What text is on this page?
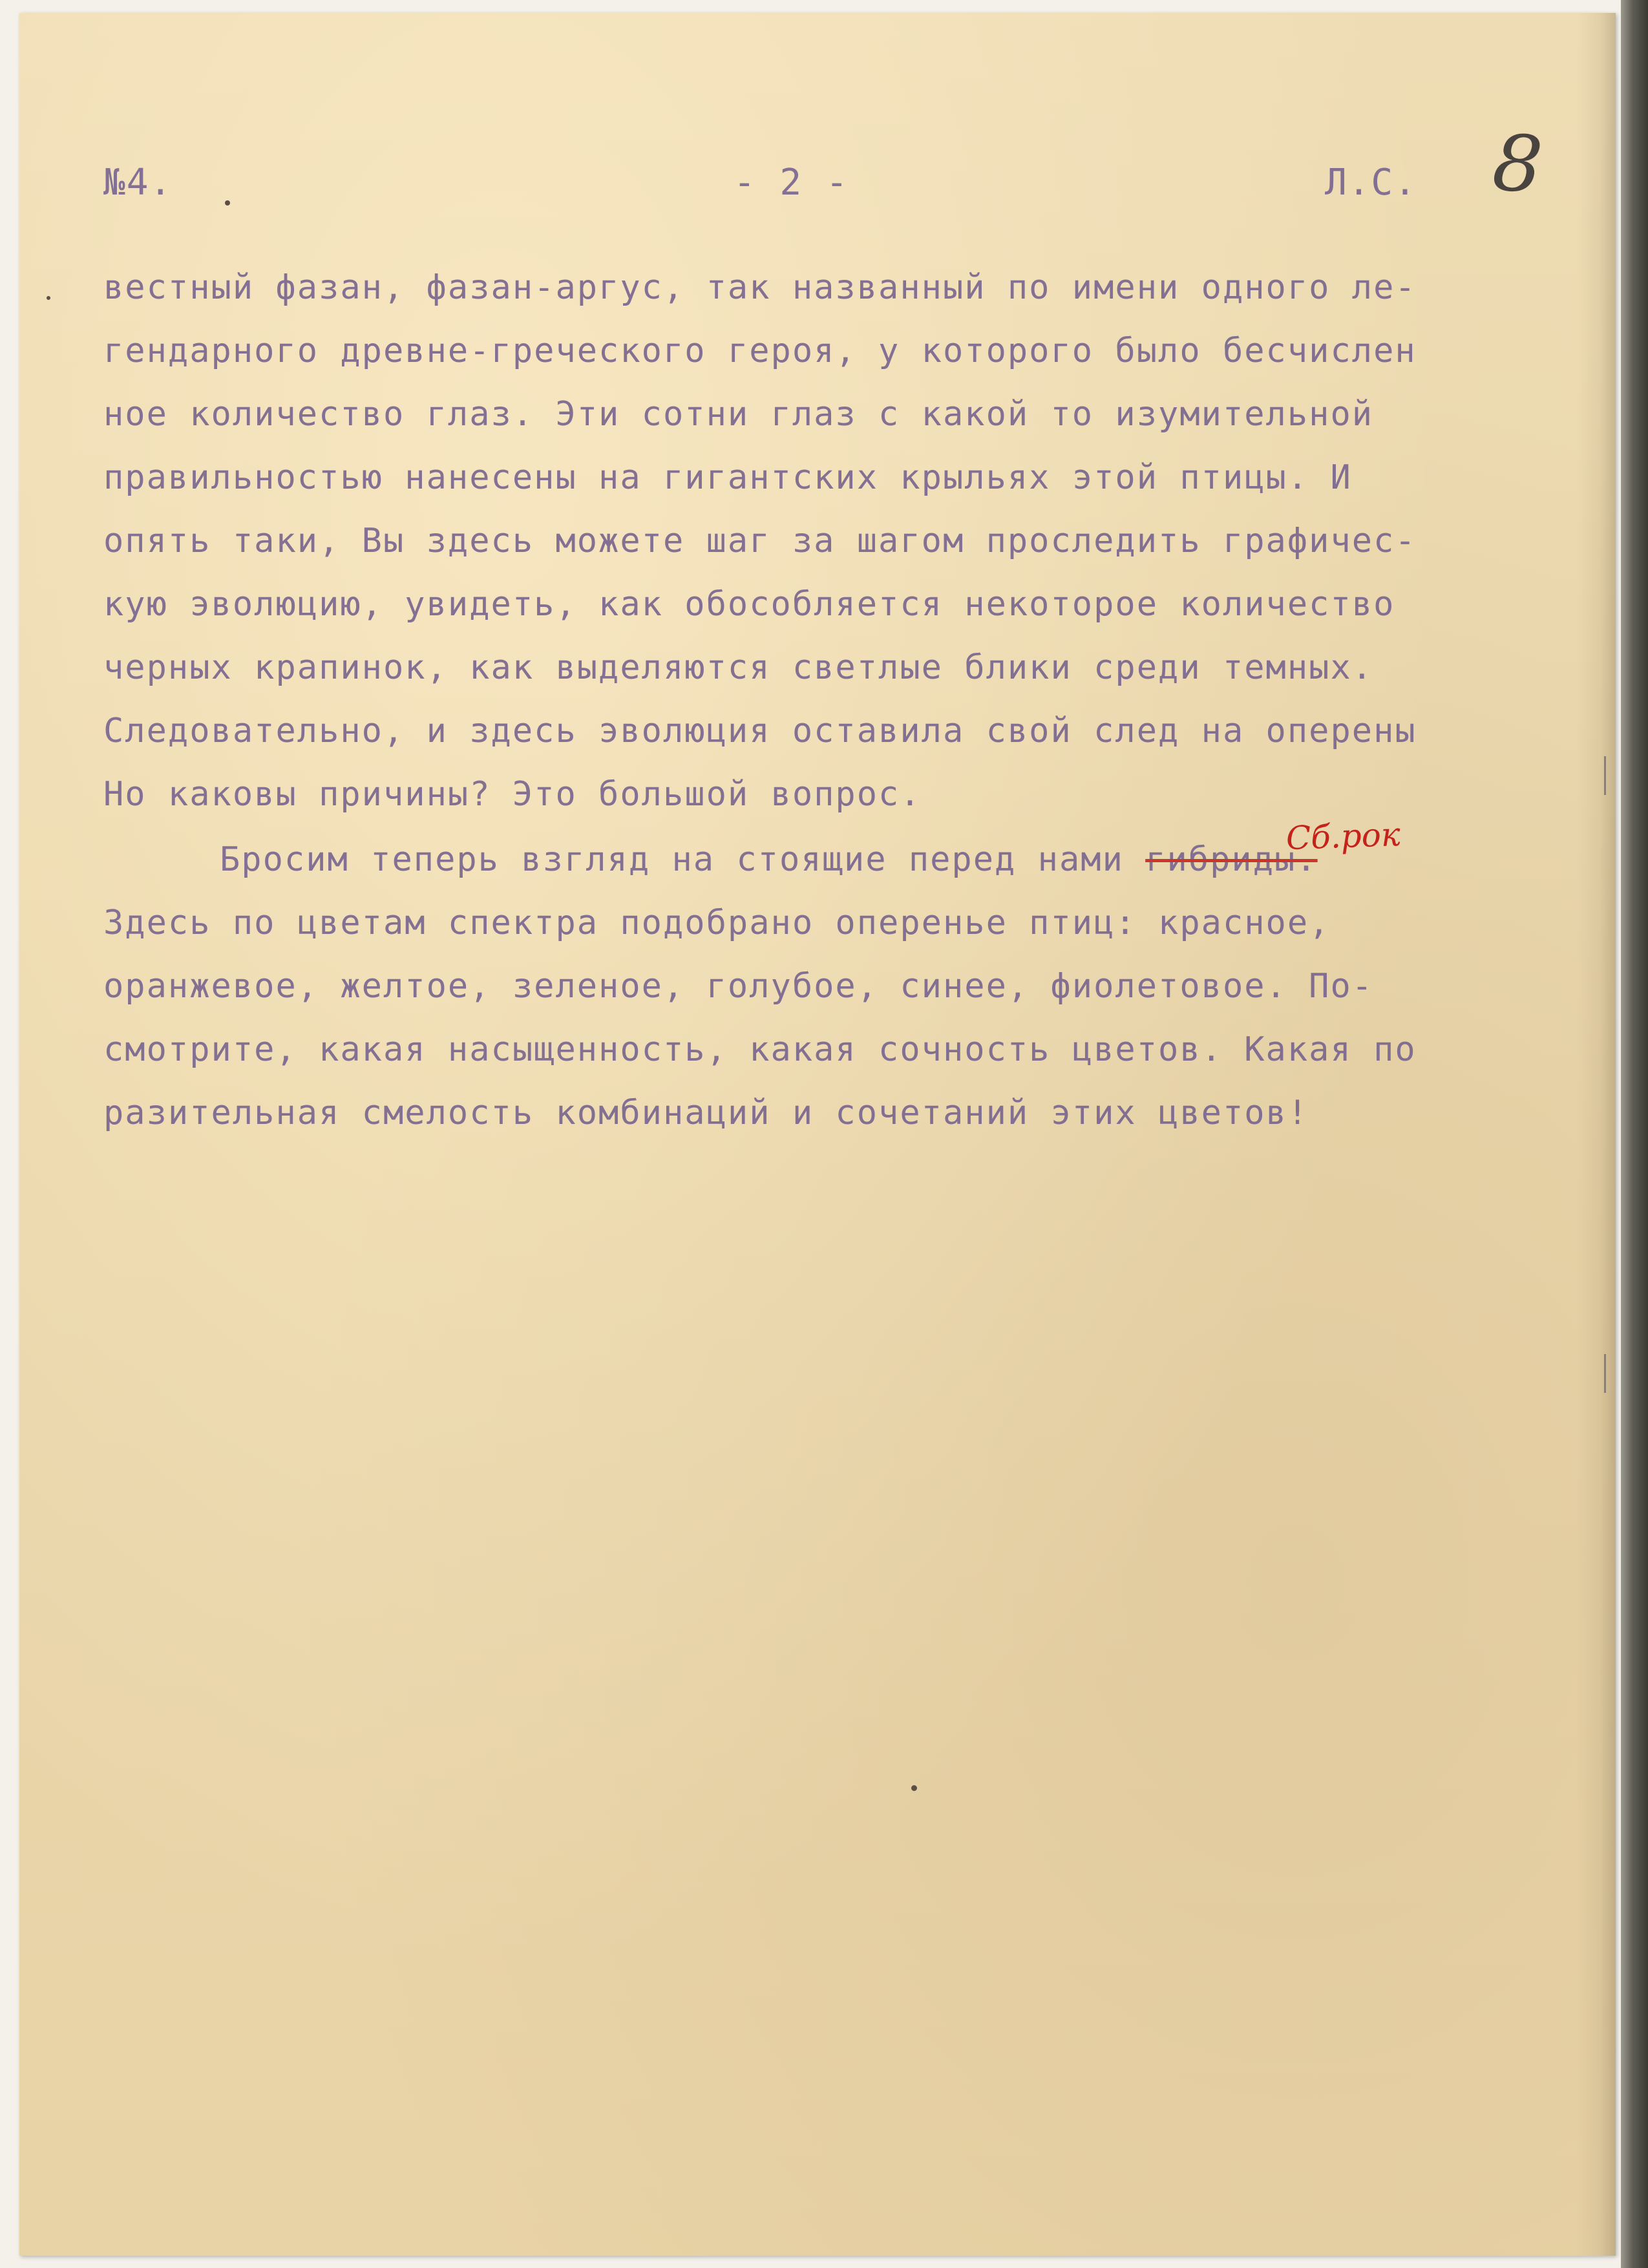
№4.	- 2 -	Л.С. 8
вестный фазан, фазан-аргус, так названный по имени одного ле-
гендарного древне-греческого героя, у которого было бесчислен
ное количество глаз. Эти сотни глаз с какой то изумительной
правильностью нанесены на гигантских крыльях этой птицы. И
опять таки, Вы здесь можете шаг за шагом проследить графичес-
кую эволюцию, увидеть, как обособляется некоторое количество
черных крапинок, как выделяются светлые блики среди темных.
Следовательно, и здесь эволюция оставила свой след на оперены
Но каковы причины? Это большой вопрос.
Бросим теперь взгляд на стоящие перед нами гибриды.
Сб.рок
Здесь по цветам спектра подобрано оперенье птиц: красное,
оранжевое, желтое, зеленое, голубое, синее, фиолетовое. По-
смотрите, какая насыщенность, какая сочность цветов. Какая по
разительная смелость комбинаций и сочетаний этих цветов!
